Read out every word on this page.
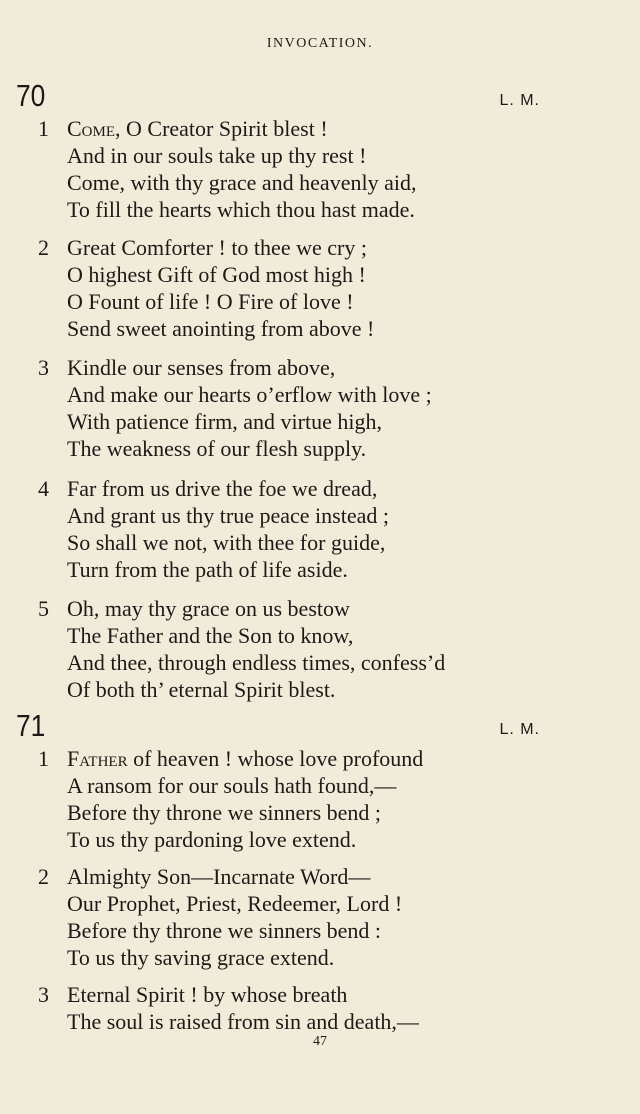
INVOCATION.
70	L. M.
1 Come, O Creator Spirit blest !
And in our souls take up thy rest !
Come, with thy grace and heavenly aid,
To fill the hearts which thou hast made.
2 Great Comforter ! to thee we cry ;
O highest Gift of God most high !
O Fount of life ! O Fire of love !
Send sweet anointing from above !
3 Kindle our senses from above,
And make our hearts o’erflow with love ;
With patience firm, and virtue high,
The weakness of our flesh supply.
4 Far from us drive the foe we dread,
And grant us thy true peace instead ;
So shall we not, with thee for guide,
Turn from the path of life aside.
5 Oh, may thy grace on us bestow
The Father and the Son to know,
And thee, through endless times, confess’d
Of both th’ eternal Spirit blest.
71	L. M.
1 Father of heaven ! whose love profound
A ransom for our souls hath found,—
Before thy throne we sinners bend ;
To us thy pardoning love extend.
2 Almighty Son—Incarnate Word—
Our Prophet, Priest, Redeemer, Lord !
Before thy throne we sinners bend :
To us thy saving grace extend.
3 Eternal Spirit ! by whose breath
The soul is raised from sin and death,—
47
